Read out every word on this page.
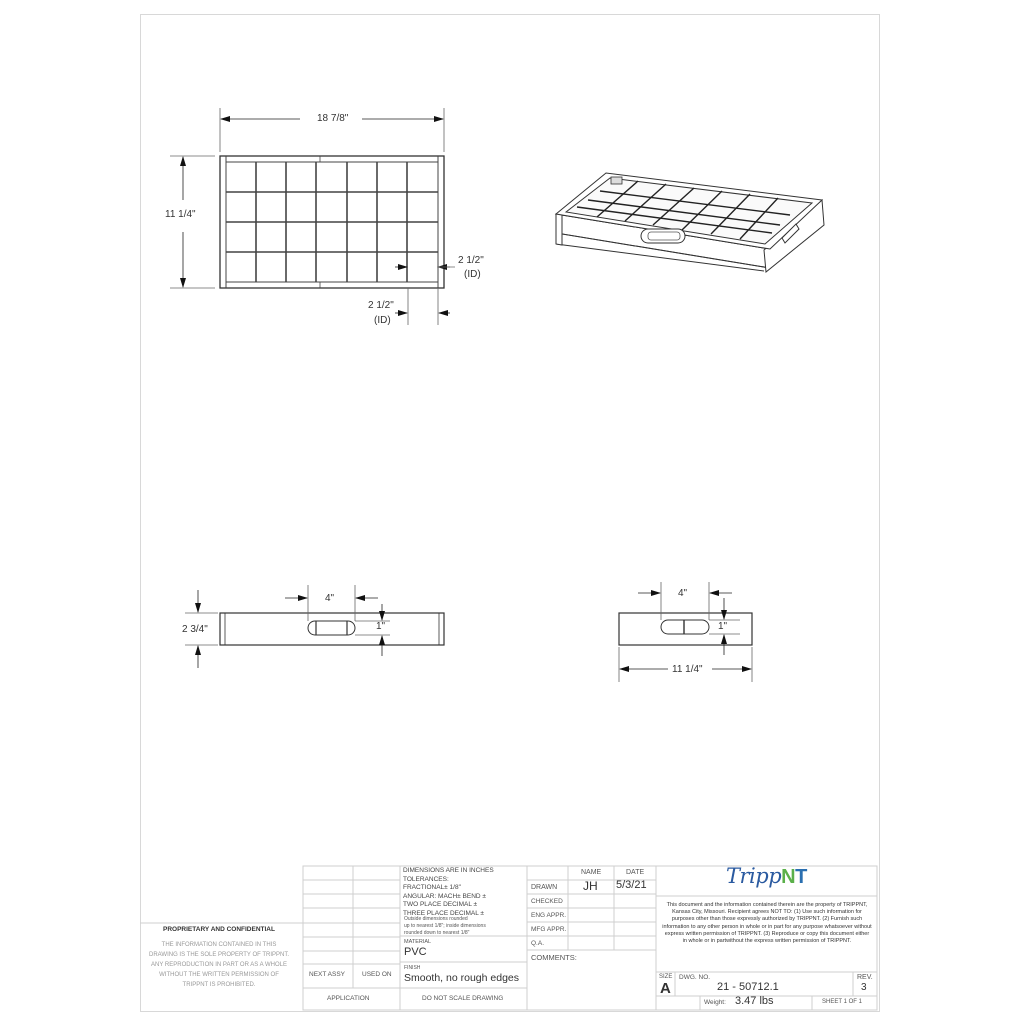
18 7/8"
11 1/4"
2 1/2"
(ID)
2 1/2"
(ID)
2 3/4"
4"
1"
4"
1"
11 1/4"
PROPRIETARY AND CONFIDENTIAL
THE INFORMATION CONTAINED IN THIS DRAWING IS THE SOLE PROPERTY OF TRIPPNT. ANY REPRODUCTION IN PART OR AS A WHOLE WITHOUT THE WRITTEN PERMISSION OF TRIPPNT IS PROHIBITED.
NEXT ASSY	USED ON
APPLICATION
DIMENSIONS ARE IN INCHES
TOLERANCES:
FRACTIONAL± 1/8"
ANGULAR: MACH± BEND ±
TWO PLACE DECIMAL ±
THREE PLACE DECIMAL ±
Outside dimensions rounded
up to nearest 1/8"; inside dimensions
rounded down to nearest 1/8"
MATERIAL
PVC
FINISH
Smooth, no rough edges
DO NOT SCALE DRAWING
NAME	DATE
DRAWN JH 5/3/21
CHECKED
ENG APPR.
MFG APPR.
Q.A.
COMMENTS:
TrippNT
This document and the information contained therein are the property of TRIPPNT, Kansas City, Missouri. Recipient agrees NOT TO: (1) Use such information for purposes other than those expressly authorized by TRIPPNT. (2) Furnish such information to any other person in whole or in part for any purpose whatsoever without express written permission of TRIPPNT. (3) Reproduce or copy this document either in whole or in partwithout the express written permission of TRIPPNT.
SIZE
A
DWG. NO.
21 - 50712.1
REV.
3
Weight: 3.47 lbs	SHEET 1 OF 1
